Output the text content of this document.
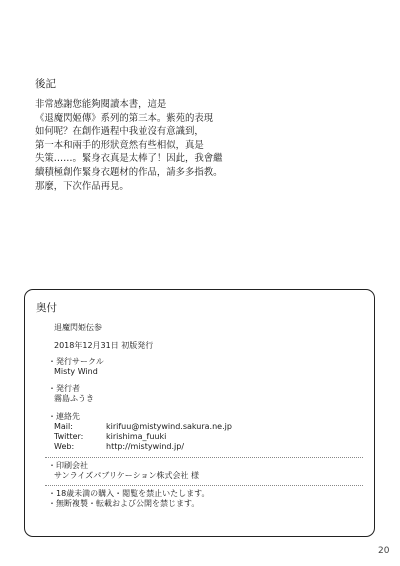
後記
非常感謝您能夠閱讀本書，這是
《退魔閃姬傳》系列的第三本。紫苑的表現
如何呢？在創作過程中我並沒有意識到，
第一本和兩手的形狀竟然有些相似，真是
失策……。緊身衣真是太棒了！因此，我會繼
續積極創作緊身衣題材的作品，請多多指教。
那麼，下次作品再見。
奥付
退魔閃姫伝参
2018年12月31日 初版発行
・発行サークル
Misty Wind
・発行者
霧島ふうき
・連絡先
Mail:	kirifuu@mistywind.sakura.ne.jp
Twitter:	kirishima_fuuki
Web:	http://mistywind.jp/
・印刷会社
サンライズパブリケーション株式会社 様
・18歳未満の購入・閲覧を禁止いたします。
・無断複製・転載および公開を禁じます。
20
